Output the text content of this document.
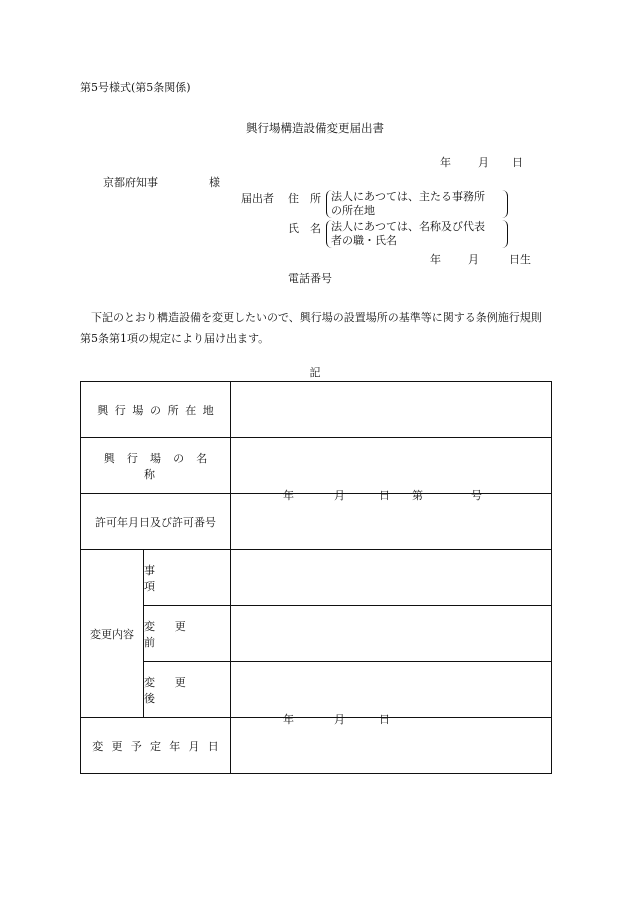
第5号様式(第5条関係)
興行場構造設備変更届出書
年 月 日
京都府知事	様
届出者 住　所 法人にあつては、主たる事務所
の所在地
氏　名 法人にあつては、名称及び代表
者の職・氏名
年 月	日生
電話番号
下記のとおり構造設備を変更したいので、興行場の設置場所の基準等に関する条例施行規則第5条第1項の規定により届け出ます。
記
興行場の所在地		
興行場の名称		
許可年月日及び許可番号		年 月 日 第 号

変更内容	事項	
	変更前	
	変更後	
変更予定年月日		年 月 日
